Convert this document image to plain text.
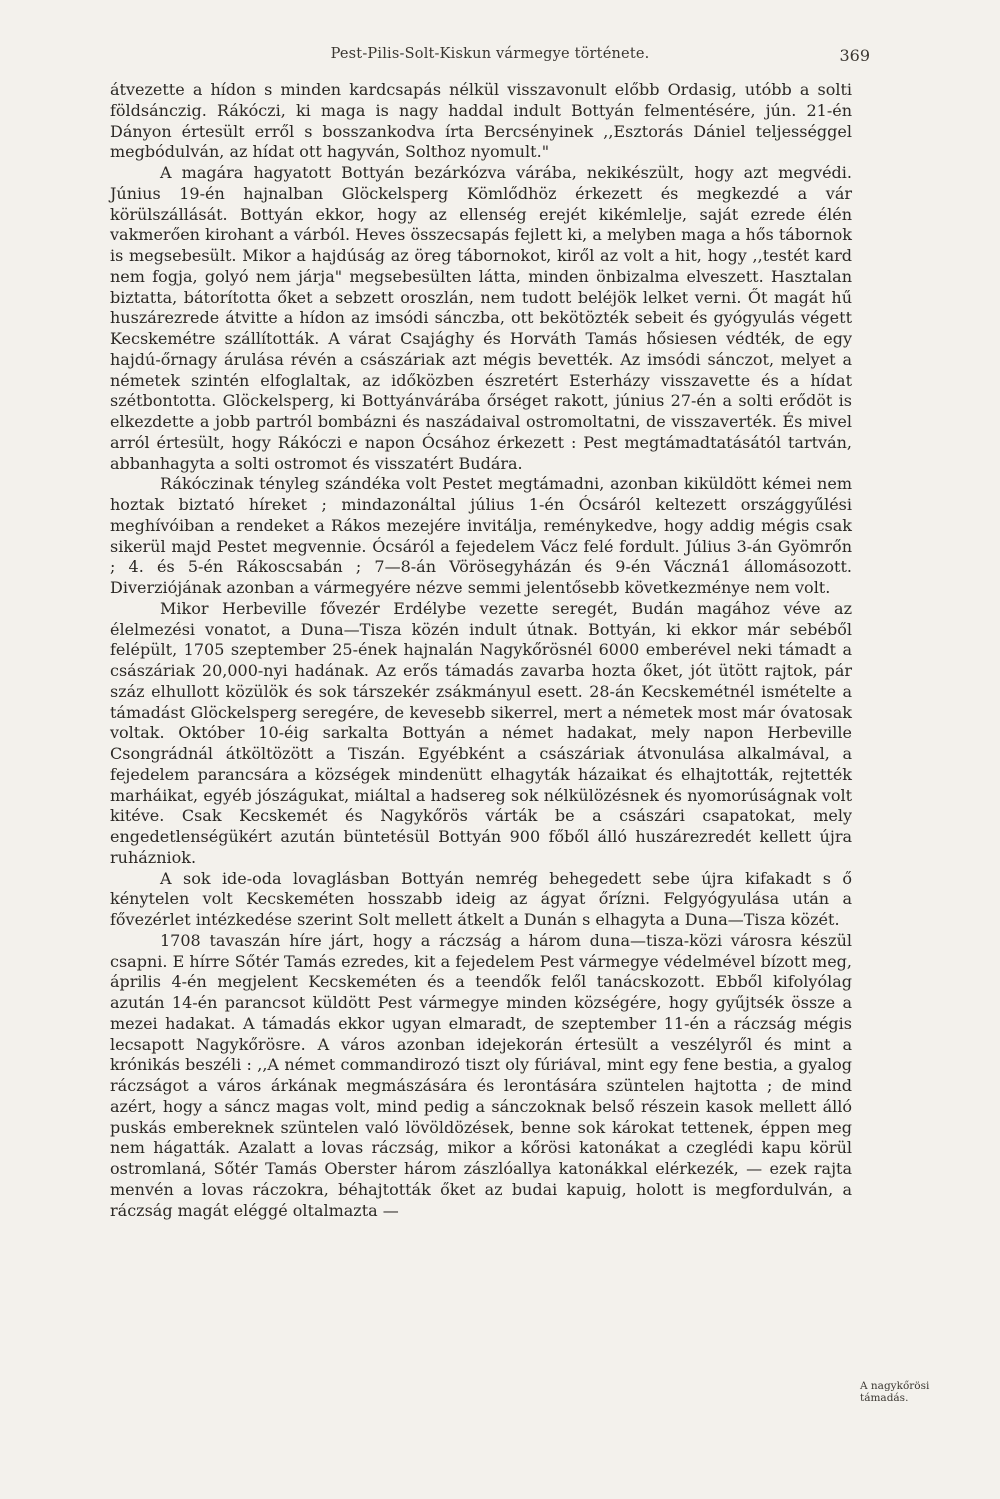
Pest-Pilis-Solt-Kiskun vármegye története.	369

átvezette a hídon s minden kardcsapás nélkül visszavonult előbb Ordasig, utóbb a solti földsánczig. Rákóczi, ki maga is nagy haddal indult Bottyán felmentésére, jún. 21-én Dányon értesült erről s bosszankodva írta Bercsényinek ,,Esztorás Dániel teljességgel megbódulván, az hídat ott hagyván, Solthoz nyomult."

A magára hagyatott Bottyán bezárkózva várába, nekikészült, hogy azt megvédi. Június 19-én hajnalban Glöckelsperg Kömlődhöz érkezett és megkezdé a vár körülszállását. Bottyán ekkor, hogy az ellenség erejét kikémlelje, saját ezrede élén vakmerően kirohant a várból. Heves összecsapás fejlett ki, a melyben maga a hős tábornok is megsebesült. Mikor a hajdúság az öreg tábornokot, kiről az volt a hit, hogy ,,testét kard nem fogja, golyó nem járja" megsebesülten látta, minden önbizalma elveszett. Hasztalan biztatta, bátorította őket a sebzett oroszlán, nem tudott beléjök lelket verni. Őt magát hű huszárezrede átvitte a hídon az imsódi sánczba, ott bekötözték sebeit és gyógyulás végett Kecskemétre szállították. A várat Csajághy és Horváth Tamás hősiesen védték, de egy hajdú-őrnagy árulása révén a császáriak azt mégis bevették. Az imsódi sánczot, melyet a németek szintén elfoglaltak, az időközben észretért Esterházy visszavette és a hídat szétbontotta. Glöckelsperg, ki Bottyánvárába őrséget rakott, június 27-én a solti erődöt is elkezdette a jobb partról bombázni és naszádaival ostromoltatni, de visszaverték. És mivel arról értesült, hogy Rákóczi e napon Ócsához érkezett : Pest megtámadtatásától tartván, abbanhagyta a solti ostromot és visszatért Budára.

Rákóczinak tényleg szándéka volt Pestet megtámadni, azonban kiküldött kémei nem hoztak biztató híreket ; mindazonáltal július 1-én Ócsáról keltezett országgyűlési meghívóiban a rendeket a Rákos mezejére invitálja, reménykedve, hogy addig mégis csak sikerül majd Pestet megvennie. Ócsáról a fejedelem Vácz felé fordult. Július 3-án Gyömrőn ; 4. és 5-én Rákoscsabán ; 7—8-án Vörösegyházán és 9-én Váczná1 állomásozott. Diverziójának azonban a vármegyére nézve semmi jelentősebb következménye nem volt.

Mikor Herbeville fővezér Erdélybe vezette seregét, Budán magához véve az élelmezési vonatot, a Duna—Tisza közén indult útnak. Bottyán, ki ekkor már sebéből felépült, 1705 szeptember 25-ének hajnalán Nagykőrösnél 6000 emberével neki támadt a császáriak 20,000-nyi hadának. Az erős támadás zavarba hozta őket, jót ütött rajtok, pár száz elhullott közülök és sok társzekér zsákmányul esett. 28-án Kecskemétnél ismételte a támadást Glöckelsperg seregére, de kevesebb sikerrel, mert a németek most már óvatosak voltak. Október 10-éig sarkalta Bottyán a német hadakat, mely napon Herbeville Csongrádnál átköltözött a Tiszán. Egyébként a császáriak átvonulása alkalmával, a fejedelem parancsára a községek mindenütt elhagyták házaikat és elhajtották, rejtették marháikat, egyéb jószágukat, miáltal a hadsereg sok nélkülözésnek és nyomorúságnak volt kitéve. Csak Kecskemét és Nagykőrös várták be a császári csapatokat, mely engedetlenségükért azután büntetésül Bottyán 900 főből álló huszárezredét kellett újra ruházniok.

A sok ide-oda lovaglásban Bottyán nemrég behegedett sebe újra kifakadt s ő kénytelen volt Kecskeméten hosszabb ideig az ágyat őrízni. Felgyógyulása után a fővezérlet intézkedése szerint Solt mellett átkelt a Dunán s elhagyta a Duna—Tisza közét.

1708 tavaszán híre járt, hogy a ráczság a három duna—tisza-közi városra készül csapni. E hírre Sőtér Tamás ezredes, kit a fejedelem Pest vármegye védelmével bízott meg, április 4-én megjelent Kecskeméten és a teendők felől tanácskozott. Ebből kifolyólag azután 14-én parancsot küldött Pest vármegye minden községére, hogy gyűjtsék össze a mezei hadakat. A támadás ekkor ugyan elmaradt, de szeptember 11-én a ráczság mégis lecsapott Nagykőrösre. A város azonban idejekorán értesült a veszélyről és mint a krónikás beszéli : ,,A német commandirozó tiszt oly fúriával, mint egy fene bestia, a gyalog ráczságot a város árkának megmászására és lerontására szüntelen hajtotta ; de mind azért, hogy a sáncz magas volt, mind pedig a sánczoknak belső részein kasok mellett álló puskás embereknek szüntelen való lövöldözések, benne sok károkat tettenek, éppen meg nem hágatták. Azalatt a lovas ráczság, mikor a kőrösi katonákat a czeglédi kapu körül ostromlaná, Sőtér Tamás Oberster három zászlóallya katonákkal elérkezék, — ezek rajta menvén a lovas ráczokra, béhajtották őket az budai kapuig, holott is megfordulván, a ráczság magát eléggé oltalmazta —

A nagykőrösi támadás.
